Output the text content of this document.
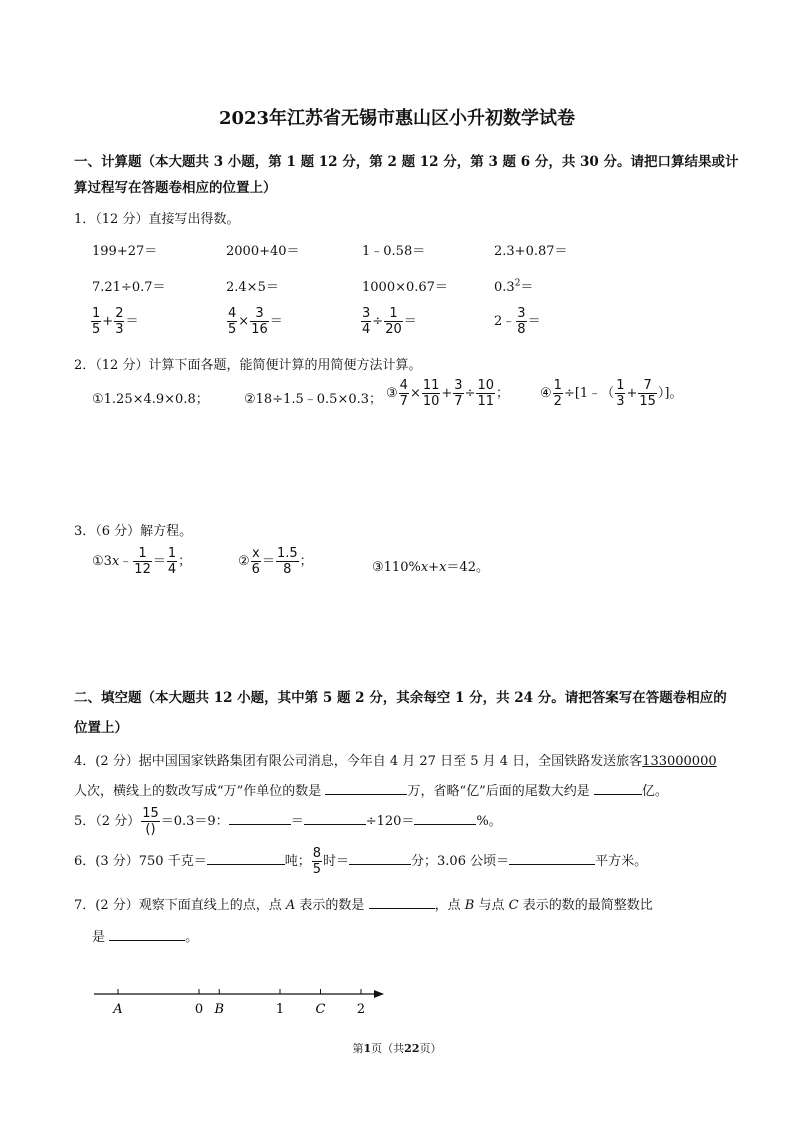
2023年江苏省无锡市惠山区小升初数学试卷
一、计算题（本大题共 3 小题，第 1 题 12 分，第 2 题 12 分，第 3 题 6 分，共 30 分。请把口算结果或计
算过程写在答题卷相应的位置上）
1．（12 分）直接写出得数。
199+27＝	2000+40＝	1﹣0.58＝	2.3+0.87＝
7.21÷0.7＝	2.4×5＝	1000×0.67＝	$0.3^2=$
$\frac{1}{5} + \frac{2}{3}$ ＝	$\frac{4}{5} \times \frac{3}{16}$ ＝	$\frac{3}{4} \div \frac{1}{20}$ ＝	2﹣ $\frac{3}{8}$ ＝
2．（12 分）计算下面各题，能简便计算的用简便方法计算。
①1.25×4.9×0.8；	②18÷1.5﹣0.5×0.3； ③ $\frac{4}{7} \times \frac{11}{10} + \frac{3}{7} \div \frac{10}{11}$ ； ④ $\frac{1}{2}$ ÷[1﹣（ $\frac{1}{3} + \frac{7}{15}$ ）]。
3．（6 分）解方程。
①3x﹣ $\frac{1}{12} = \frac{1}{4}$ ；	② $\frac{x}{6} = \frac{1.5}{8}$ ；	③110%x+x＝42。
二、填空题（本大题共 12 小题，其中第 5 题 2 分，其余每空 1 分，共 24 分。请把答案写在答题卷相应的
位置上）
4．(2 分）据中国国家铁路集团有限公司消息，今年自 4 月 27 日至 5 月 4 日，全国铁路发送旅客133000000
人次，横线上的数改写成“万”作单位的数是	万，省略“亿”后面的尾数大约是	亿。
5．（2 分） $\frac{15}{()} =0.3=9$：	＝	÷120＝	%。
6．(3 分）750 千克＝	吨； $\frac{8}{5}$ 时＝	分；3.06 公顷＝	平方米。
7．(2 分）观察下面直线上的点，点 A 表示的数是	，点 B 与点 C 表示的数的最简整数比
是	。
A	0 B	1 C 2
第1页（共22页）
